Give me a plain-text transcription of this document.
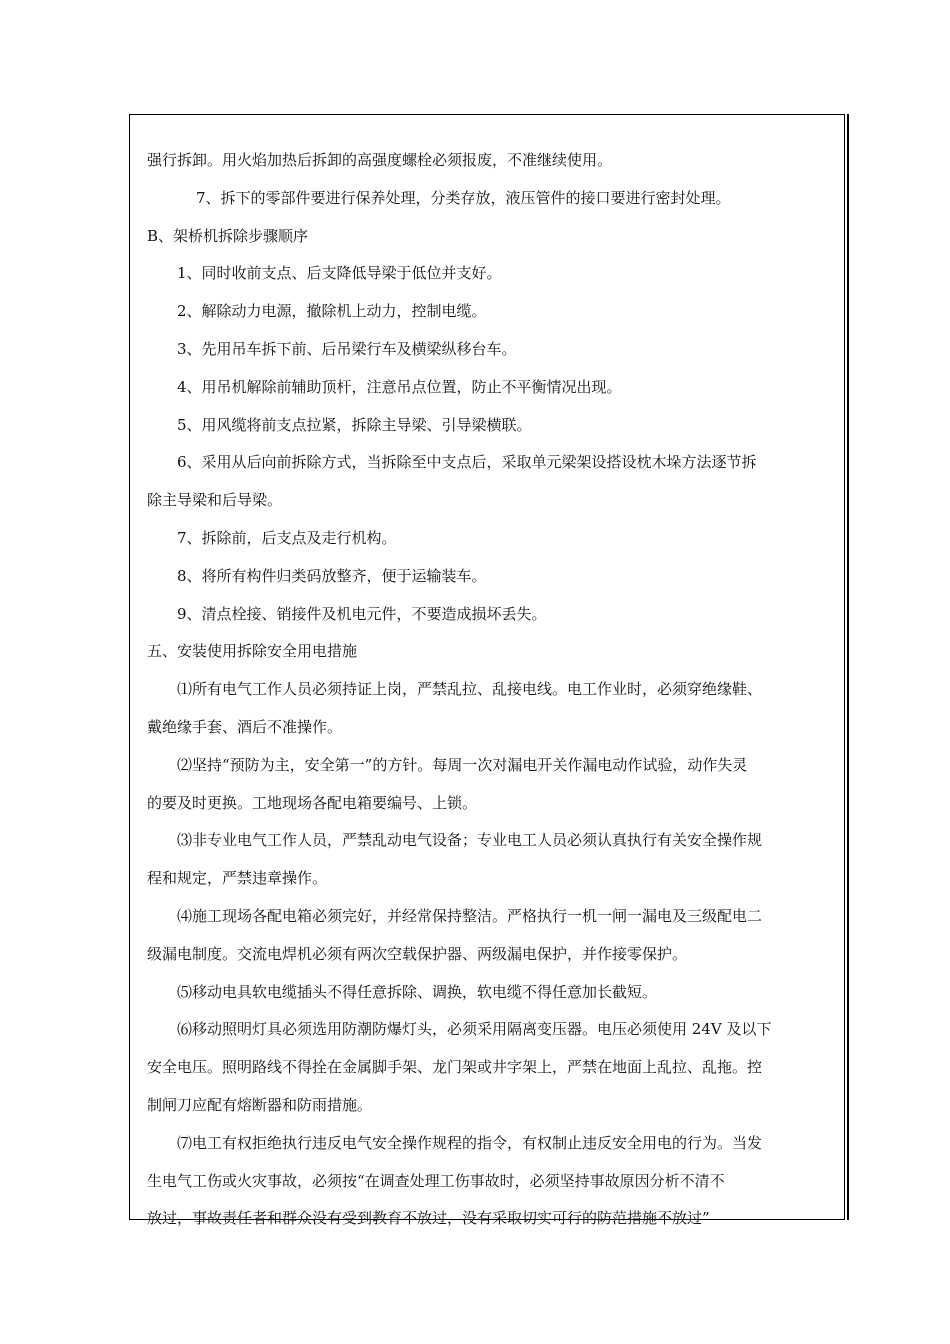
强行拆卸。用火焰加热后拆卸的高强度螺栓必须报废，不准继续使用。

7、拆下的零部件要进行保养处理，分类存放，液压管件的接口要进行密封处理。

B、架桥机拆除步骤顺序

1、同时收前支点、后支降低导梁于低位并支好。

2、解除动力电源，撤除机上动力，控制电缆。

3、先用吊车拆下前、后吊梁行车及横梁纵移台车。

4、用吊机解除前辅助顶杆，注意吊点位置，防止不平衡情况出现。

5、用风缆将前支点拉紧，拆除主导梁、引导梁横联。

6、采用从后向前拆除方式，当拆除至中支点后，采取单元梁架设搭设枕木垛方法逐节拆

除主导梁和后导梁。

7、拆除前，后支点及走行机构。

8、将所有构件归类码放整齐，便于运输装车。

9、清点栓接、销接件及机电元件，不要造成损坏丢失。

五、安装使用拆除安全用电措施

⑴所有电气工作人员必须持证上岗，严禁乱拉、乱接电线。电工作业时，必须穿绝缘鞋、

戴绝缘手套、酒后不准操作。

⑵坚持“预防为主，安全第一”的方针。每周一次对漏电开关作漏电动作试验，动作失灵

的要及时更换。工地现场各配电箱要编号、上锁。

⑶非专业电气工作人员，严禁乱动电气设备；专业电工人员必须认真执行有关安全操作规

程和规定，严禁违章操作。

⑷施工现场各配电箱必须完好，并经常保持整洁。严格执行一机一闸一漏电及三级配电二

级漏电制度。交流电焊机必须有两次空载保护器、两级漏电保护，并作接零保护。

⑸移动电具软电缆插头不得任意拆除、调换，软电缆不得任意加长截短。

⑹移动照明灯具必须选用防潮防爆灯头，必须采用隔离变压器。电压必须使用 24V 及以下

安全电压。照明路线不得拴在金属脚手架、龙门架或井字架上，严禁在地面上乱拉、乱拖。控

制闸刀应配有熔断器和防雨措施。

⑺电工有权拒绝执行违反电气安全操作规程的指令，有权制止违反安全用电的行为。当发

生电气工伤或火灾事故，必须按“在调查处理工伤事故时，必须坚持事故原因分析不清不

放过，事故责任者和群众没有受到教育不放过，没有采取切实可行的防范措施不放过”
